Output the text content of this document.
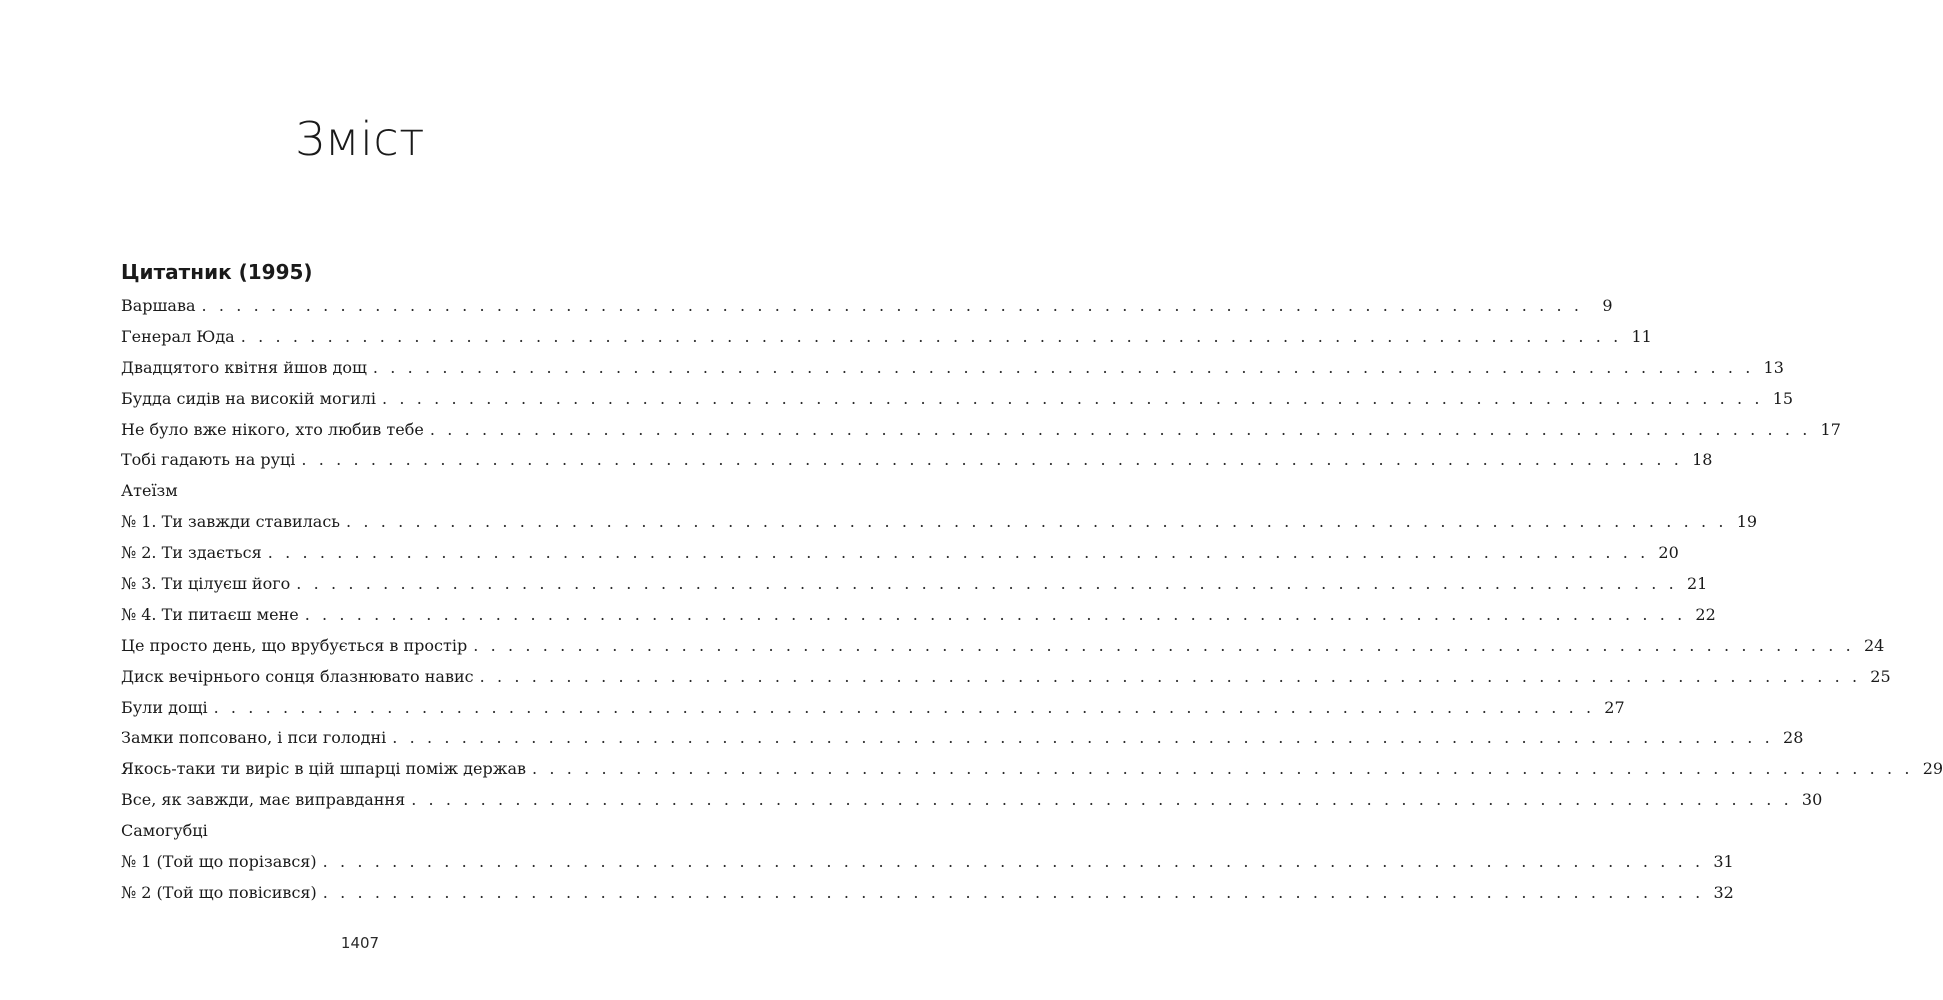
Зміст
Цитатник (1995)
Варшава . . . . . . . . . . . . . . . . . . . . . . . . . . . . . . . . . . . . . . . . . . . . . . . . . . . . . . . . . . . . . . . . . . . . . . . . . . . . . . . .	9
Генерал Юда . . . . . . . . . . . . . . . . . . . . . . . . . . . . . . . . . . . . . . . . . . . . . . . . . . . . . . . . . . . . . . . . . . . . . . . . . . . . . . . . 11
Двадцятого квітня йшов дощ . . . . . . . . . . . . . . . . . . . . . . . . . . . . . . . . . . . . . . . . . . . . . . . . . . . . . . . . . . . . . . . . . . . . . . . . . . . . . . . . 13
Будда сидів на високій могилі . . . . . . . . . . . . . . . . . . . . . . . . . . . . . . . . . . . . . . . . . . . . . . . . . . . . . . . . . . . . . . . . . . . . . . . . . . . . . . . . 15
Не було вже нікого, хто любив тебе . . . . . . . . . . . . . . . . . . . . . . . . . . . . . . . . . . . . . . . . . . . . . . . . . . . . . . . . . . . . . . . . . . . . . . . . . . . . . . . . 17
Тобі гадають на руці . . . . . . . . . . . . . . . . . . . . . . . . . . . . . . . . . . . . . . . . . . . . . . . . . . . . . . . . . . . . . . . . . . . . . . . . . . . . . . . . 18
Атеїзм
№ 1. Ти завжди ставилась . . . . . . . . . . . . . . . . . . . . . . . . . . . . . . . . . . . . . . . . . . . . . . . . . . . . . . . . . . . . . . . . . . . . . . . . . . . . . . . . 19
№ 2. Ти здається . . . . . . . . . . . . . . . . . . . . . . . . . . . . . . . . . . . . . . . . . . . . . . . . . . . . . . . . . . . . . . . . . . . . . . . . . . . . . . . . 20
№ 3. Ти цілуєш його . . . . . . . . . . . . . . . . . . . . . . . . . . . . . . . . . . . . . . . . . . . . . . . . . . . . . . . . . . . . . . . . . . . . . . . . . . . . . . . . 21
№ 4. Ти питаєш мене . . . . . . . . . . . . . . . . . . . . . . . . . . . . . . . . . . . . . . . . . . . . . . . . . . . . . . . . . . . . . . . . . . . . . . . . . . . . . . . . 22
Це просто день, що врубується в простір . . . . . . . . . . . . . . . . . . . . . . . . . . . . . . . . . . . . . . . . . . . . . . . . . . . . . . . . . . . . . . . . . . . . . . . . . . . . . . . . 24
Диск вечірнього сонця блазнювато навис . . . . . . . . . . . . . . . . . . . . . . . . . . . . . . . . . . . . . . . . . . . . . . . . . . . . . . . . . . . . . . . . . . . . . . . . . . . . . . . . 25
Були дощі . . . . . . . . . . . . . . . . . . . . . . . . . . . . . . . . . . . . . . . . . . . . . . . . . . . . . . . . . . . . . . . . . . . . . . . . . . . . . . . . 27
Замки попсовано, і пси голодні . . . . . . . . . . . . . . . . . . . . . . . . . . . . . . . . . . . . . . . . . . . . . . . . . . . . . . . . . . . . . . . . . . . . . . . . . . . . . . . . 28
Якось-таки ти виріс в цій шпарці поміж держав . . . . . . . . . . . . . . . . . . . . . . . . . . . . . . . . . . . . . . . . . . . . . . . . . . . . . . . . . . . . . . . . . . . . . . . . . . . . . . . . 29
Все, як завжди, має виправдання . . . . . . . . . . . . . . . . . . . . . . . . . . . . . . . . . . . . . . . . . . . . . . . . . . . . . . . . . . . . . . . . . . . . . . . . . . . . . . . . 30
Самогубці
№ 1 (Той що порізався) . . . . . . . . . . . . . . . . . . . . . . . . . . . . . . . . . . . . . . . . . . . . . . . . . . . . . . . . . . . . . . . . . . . . . . . . . . . . . . . . 31
№ 2 (Той що повісився) . . . . . . . . . . . . . . . . . . . . . . . . . . . . . . . . . . . . . . . . . . . . . . . . . . . . . . . . . . . . . . . . . . . . . . . . . . . . . . . . 32
1407
